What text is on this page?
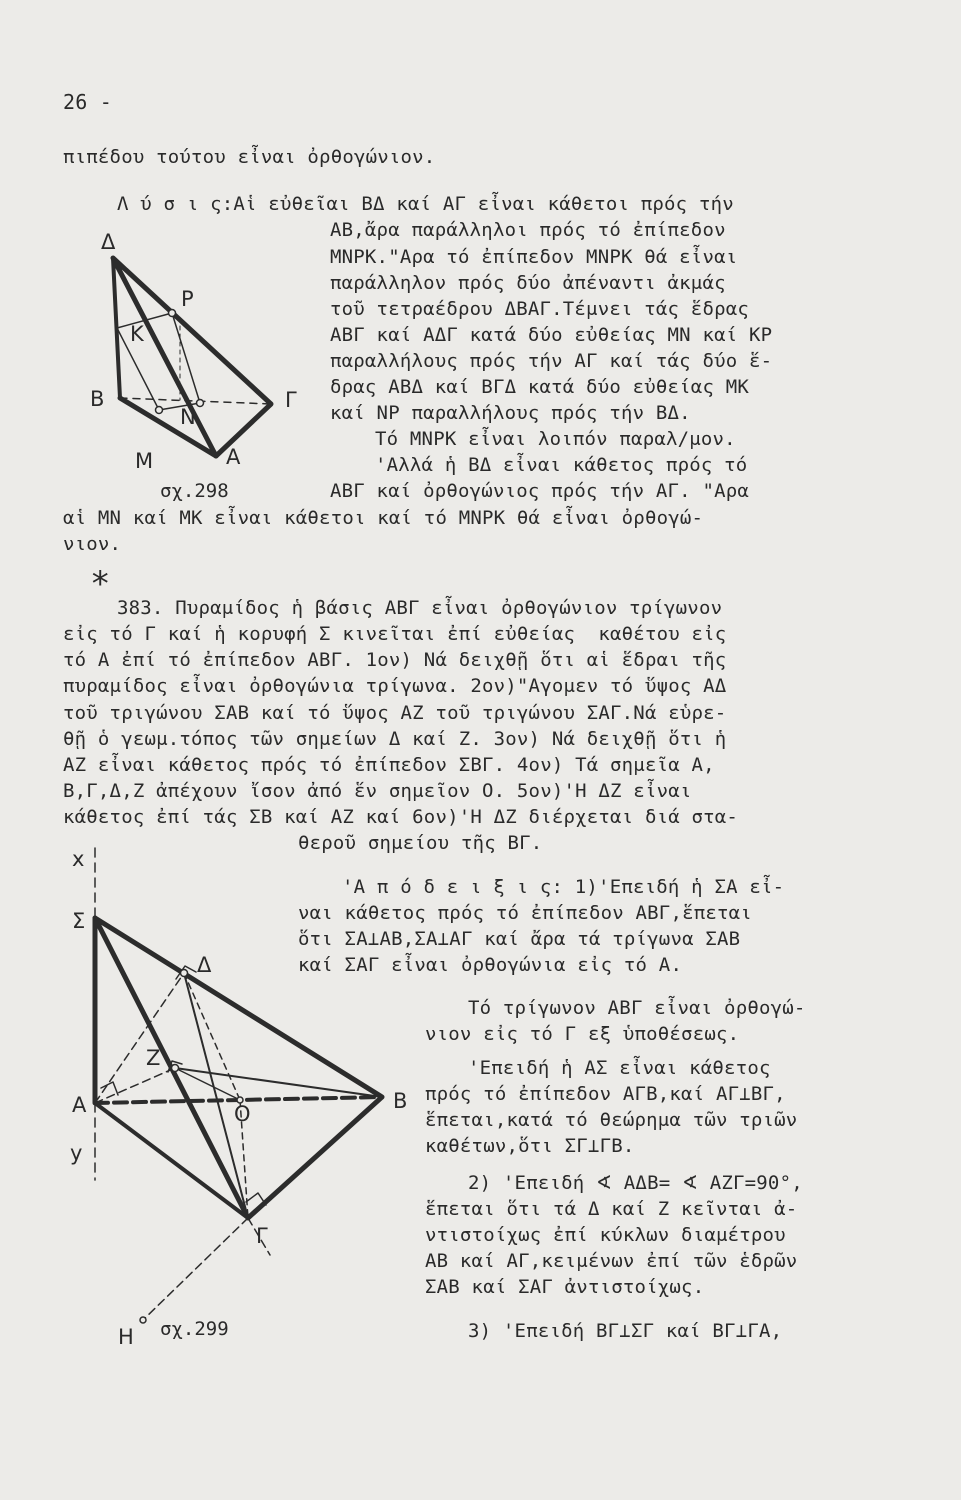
26 -
πιπέδου τούτου εἶναι ὀρθογώνιον.
Λ ύ σ ι ς:Αἱ εὐθεῖαι ΒΔ καί ΑΓ εἶναι κάθετοι πρός τήν
ΑΒ,ἄρα παράλληλοι πρός τό ἐπίπεδον
ΜΝΡΚ."Αρα τό ἐπίπεδον ΜΝΡΚ θά εἶναι
παράλληλον πρός δύο ἀπέναντι ἀκμάς
τοῦ τετραέδρου ΔΒΑΓ.Τέμνει τάς ἕδρας
ΑΒΓ καί ΑΔΓ κατά δύο εὐθείας ΜΝ καί ΚΡ
παραλλήλους πρός τήν ΑΓ καί τάς δύο ἕ-
δρας ΑΒΔ καί ΒΓΔ κατά δύο εὐθείας ΜΚ
καί ΝΡ παραλλήλους πρός τήν ΒΔ.
Τό ΜΝΡΚ εἶναι λοιπόν παραλ/μον.
'Αλλά ἡ ΒΔ εἶναι κάθετος πρός τό
ΑΒΓ καί ὀρθογώνιος πρός τήν ΑΓ. "Αρα
αἱ ΜΝ καί ΜΚ εἶναι κάθετοι καί τό ΜΝΡΚ θά εἶναι ὀρθογώ-
νιον.
Δ
P
K
B
N
Γ
M	A
σχ.298
*
383. Πυραμίδος ἡ βάσις ΑΒΓ εἶναι ὀρθογώνιον τρίγωνον
εἰς τό Γ καί ἡ κορυφή Σ κινεῖται ἐπί εὐθείας  καθέτου εἰς
τό Α ἐπί τό ἐπίπεδον ΑΒΓ. 1ον) Νά δειχθῇ ὅτι αἱ ἕδραι τῆς
πυραμίδος εἶναι ὀρθογώνια τρίγωνα. 2ον)"Αγομεν τό ὕψος ΑΔ
τοῦ τριγώνου ΣΑΒ καί τό ὕψος ΑΖ τοῦ τριγώνου ΣΑΓ.Νά εὑρε-
θῇ ὁ γεωμ.τόπος τῶν σημείων Δ καί Ζ. 3ον) Νά δειχθῇ ὅτι ἡ
ΑΖ εἶναι κάθετος πρός τό ἐπίπεδον ΣΒΓ. 4ον) Τά σημεῖα Α,
Β,Γ,Δ,Ζ ἀπέχουν ἴσον ἀπό ἕν σημεῖον Ο. 5ον)'Η ΔΖ εἶναι
κάθετος ἐπί τάς ΣΒ καί ΑΖ καί 6ον)'Η ΔΖ διέρχεται διά στα-
θεροῦ σημείου τῆς ΒΓ.
'Α π ό δ ε ι ξ ι ς: 1)'Επειδή ἡ ΣΑ εἶ-
ναι κάθετος πρός τό ἐπίπεδον ΑΒΓ,ἕπεται
ὅτι ΣΑ⊥ΑΒ,ΣΑ⊥ΑΓ καί ἄρα τά τρίγωνα ΣΑΒ
καί ΣΑΓ εἶναι ὀρθογώνια εἰς τό Α.
Τό τρίγωνον ΑΒΓ εἶναι ὀρθογώ-
νιον εἰς τό Γ εξ ὑποθέσεως.
'Επειδή ἡ ΑΣ εἶναι κάθετος
πρός τό ἐπίπεδον ΑΓΒ,καί ΑΓ⊥ΒΓ,
ἕπεται,κατά τό θεώρημα τῶν τριῶν
καθέτων,ὅτι ΣΓ⊥ΓΒ.
2) 'Επειδή ∢ ΑΔΒ= ∢ ΑΖΓ=90°,
ἕπεται ὅτι τά Δ καί Ζ κεῖνται ἀ-
ντιστοίχως ἐπί κύκλων διαμέτρου
ΑΒ καί ΑΓ,κειμένων ἐπί τῶν ἑδρῶν
ΣΑΒ καί ΣΑΓ ἀντιστοίχως.
3) 'Επειδή ΒΓ⊥ΣΓ καί ΒΓ⊥ΓΑ,
x
Σ
Δ
Z
A	O
B
y
Γ
H σχ.299
